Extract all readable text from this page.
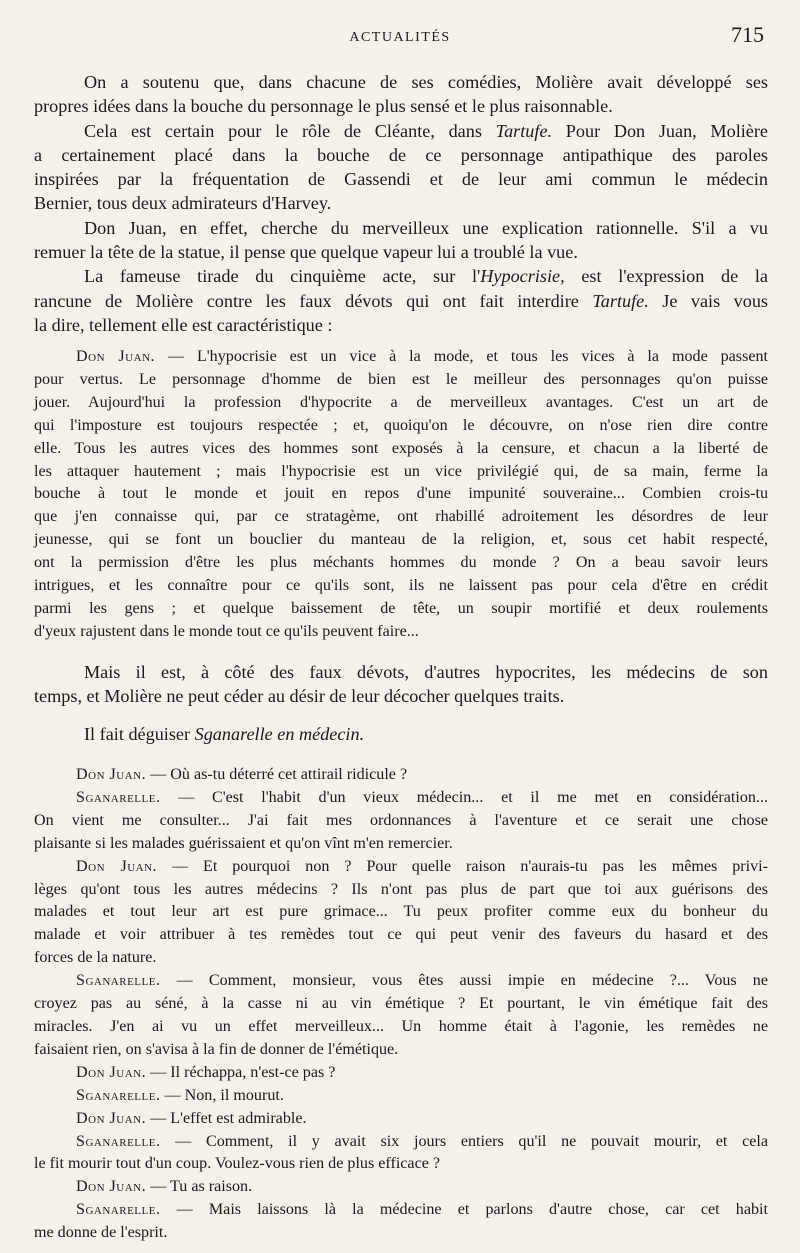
ACTUALITÉS	715
On a soutenu que, dans chacune de ses comédies, Molière avait développé ses
propres idées dans la bouche du personnage le plus sensé et le plus raisonnable.
Cela est certain pour le rôle de Cléante, dans Tartufe. Pour Don Juan, Molière
a certainement placé dans la bouche de ce personnage antipathique des paroles
inspirées par la fréquentation de Gassendi et de leur ami commun le médecin
Bernier, tous deux admirateurs d'Harvey.
Don Juan, en effet, cherche du merveilleux une explication rationnelle. S'il a vu
remuer la tête de la statue, il pense que quelque vapeur lui a troublé la vue.
La fameuse tirade du cinquième acte, sur l'Hypocrisie, est l'expression de la
rancune de Molière contre les faux dévots qui ont fait interdire Tartufe. Je vais vous
la dire, tellement elle est caractéristique :
Don Juan. — L'hypocrisie est un vice à la mode, et tous les vices à la mode passent
pour vertus. Le personnage d'homme de bien est le meilleur des personnages qu'on puisse
jouer. Aujourd'hui la profession d'hypocrite a de merveilleux avantages. C'est un art de
qui l'imposture est toujours respectée ; et, quoiqu'on le découvre, on n'ose rien dire contre
elle. Tous les autres vices des hommes sont exposés à la censure, et chacun a la liberté de
les attaquer hautement ; mais l'hypocrisie est un vice privilégié qui, de sa main, ferme la
bouche à tout le monde et jouit en repos d'une impunité souveraine... Combien crois-tu
que j'en connaisse qui, par ce stratagème, ont rhabillé adroitement les désordres de leur
jeunesse, qui se font un bouclier du manteau de la religion, et, sous cet habit respecté,
ont la permission d'être les plus méchants hommes du monde ? On a beau savoir leurs
intrigues, et les connaître pour ce qu'ils sont, ils ne laissent pas pour cela d'être en crédit
parmi les gens ; et quelque baissement de tête, un soupir mortifié et deux roulements
d'yeux rajustent dans le monde tout ce qu'ils peuvent faire...
Mais il est, à côté des faux dévots, d'autres hypocrites, les médecins de son
temps, et Molière ne peut céder au désir de leur décocher quelques traits.
Il fait déguiser Sganarelle en médecin.
Don Juan. — Où as-tu déterré cet attirail ridicule ?
Sganarelle. — C'est l'habit d'un vieux médecin... et il me met en considération...
On vient me consulter... J'ai fait mes ordonnances à l'aventure et ce serait une chose
plaisante si les malades guérissaient et qu'on vînt m'en remercier.
Don Juan. — Et pourquoi non ? Pour quelle raison n'aurais-tu pas les mêmes privi-
lèges qu'ont tous les autres médecins ? Ils n'ont pas plus de part que toi aux guérisons des
malades et tout leur art est pure grimace... Tu peux profiter comme eux du bonheur du
malade et voir attribuer à tes remèdes tout ce qui peut venir des faveurs du hasard et des
forces de la nature.
Sganarelle. — Comment, monsieur, vous êtes aussi impie en médecine ?... Vous ne
croyez pas au séné, à la casse ni au vin émétique ? Et pourtant, le vin émétique fait des
miracles. J'en ai vu un effet merveilleux... Un homme était à l'agonie, les remèdes ne
faisaient rien, on s'avisa à la fin de donner de l'émétique.
Don Juan. — Il réchappa, n'est-ce pas ?
Sganarelle. — Non, il mourut.
Don Juan. — L'effet est admirable.
Sganarelle. — Comment, il y avait six jours entiers qu'il ne pouvait mourir, et cela
le fit mourir tout d'un coup. Voulez-vous rien de plus efficace ?
Don Juan. — Tu as raison.
Sganarelle. — Mais laissons là la médecine et parlons d'autre chose, car cet habit
me donne de l'esprit.
